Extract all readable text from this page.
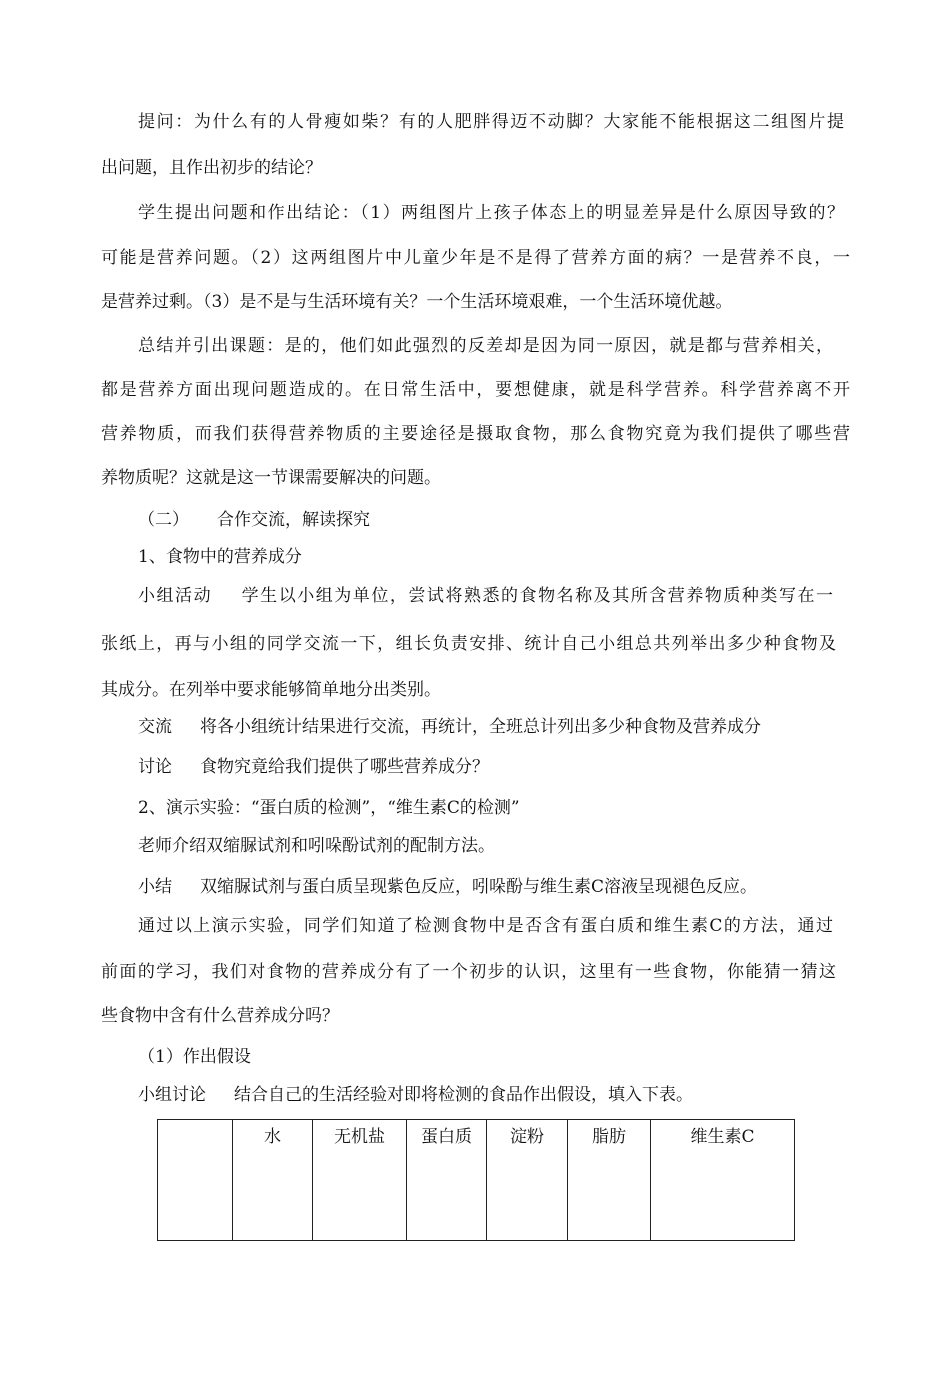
提问：为什么有的人骨瘦如柴？有的人肥胖得迈不动脚？大家能不能根据这二组图片提
出问题，且作出初步的结论？
学生提出问题和作出结论：（1）两组图片上孩子体态上的明显差异是什么原因导致的？
可能是营养问题。（2）这两组图片中儿童少年是不是得了营养方面的病？一是营养不良，一
是营养过剩。（3）是不是与生活环境有关？一个生活环境艰难，一个生活环境优越。
总结并引出课题：是的，他们如此强烈的反差却是因为同一原因，就是都与营养相关，
都是营养方面出现问题造成的。在日常生活中，要想健康，就是科学营养。科学营养离不开
营养物质，而我们获得营养物质的主要途径是摄取食物，那么食物究竟为我们提供了哪些营
养物质呢？这就是这一节课需要解决的问题。
（二） 合作交流，解读探究
1、食物中的营养成分
小组活动 学生以小组为单位，尝试将熟悉的食物名称及其所含营养物质种类写在一
张纸上，再与小组的同学交流一下，组长负责安排、统计自己小组总共列举出多少种食物及
其成分。在列举中要求能够简单地分出类别。
交流 将各小组统计结果进行交流，再统计，全班总计列出多少种食物及营养成分
讨论 食物究竟给我们提供了哪些营养成分？
2、演示实验：“蛋白质的检测”，“维生素C的检测”
老师介绍双缩脲试剂和吲哚酚试剂的配制方法。
小结 双缩脲试剂与蛋白质呈现紫色反应，吲哚酚与维生素C溶液呈现褪色反应。
通过以上演示实验，同学们知道了检测食物中是否含有蛋白质和维生素C的方法，通过
前面的学习，我们对食物的营养成分有了一个初步的认识，这里有一些食物，你能猜一猜这
些食物中含有什么营养成分吗？
（1）作出假设
小组讨论 结合自己的生活经验对即将检测的食品作出假设，填入下表。
	水	无机盐	蛋白质	淀粉	脂肪	维生素C
